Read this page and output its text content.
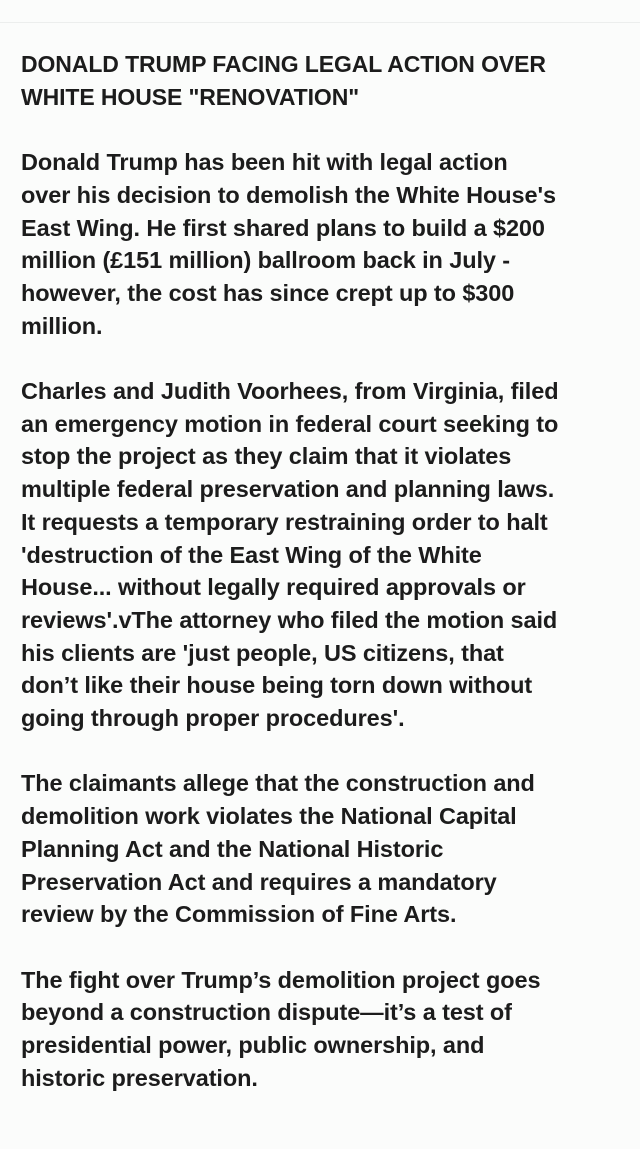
DONALD TRUMP FACING LEGAL ACTION OVER
WHITE HOUSE "RENOVATION"

Donald Trump has been hit with legal action
over his decision to demolish the White House's
East Wing. He first shared plans to build a $200
million (£151 million) ballroom back in July -
however, the cost has since crept up to $300
million.

Charles and Judith Voorhees, from Virginia, filed
an emergency motion in federal court seeking to
stop the project as they claim that it violates
multiple federal preservation and planning laws.
It requests a temporary restraining order to halt
'destruction of the East Wing of the White
House... without legally required approvals or
reviews'.vThe attorney who filed the motion said
his clients are 'just people, US citizens, that
don’t like their house being torn down without
going through proper procedures'.

The claimants allege that the construction and
demolition work violates the National Capital
Planning Act and the National Historic
Preservation Act and requires a mandatory
review by the Commission of Fine Arts.

The fight over Trump’s demolition project goes
beyond a construction dispute—it’s a test of
presidential power, public ownership, and
historic preservation.
